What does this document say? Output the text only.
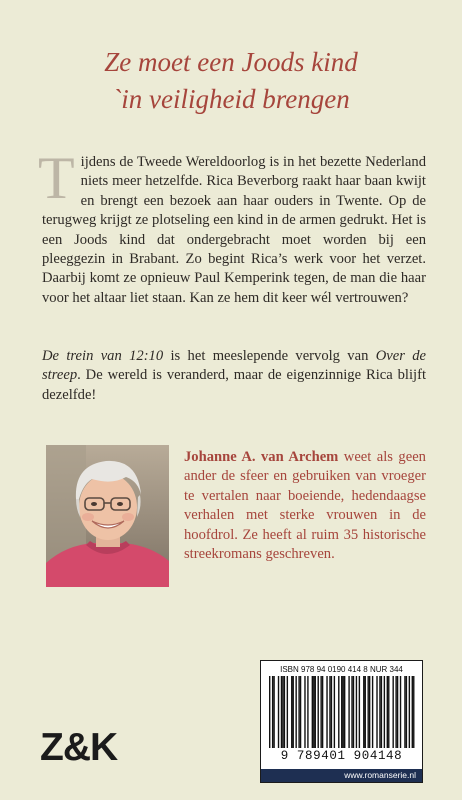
Ze moet een Joods kind
`in veiligheid brengen
Tijdens de Tweede Wereldoorlog is in het bezette Nederland niets meer hetzelfde. Rica Beverborg raakt haar baan kwijt en brengt een bezoek aan haar ouders in Twente. Op de terugweg krijgt ze plotseling een kind in de armen gedrukt. Het is een Joods kind dat ondergebracht moet worden bij een pleeggezin in Brabant. Zo begint Rica’s werk voor het verzet. Daarbij komt ze opnieuw Paul Kemperink tegen, de man die haar voor het altaar liet staan. Kan ze hem dit keer wél vertrouwen?
De trein van 12:10 is het meeslepende vervolg van Over de streep. De wereld is veranderd, maar de eigenzinnige Rica blijft dezelfde!
Johanne A. van Archem weet als geen ander de sfeer en gebruiken van vroeger te vertalen naar boeiende, hedendaagse verhalen met sterke vrouwen in de hoofdrol. Ze heeft al ruim 35 historische streekromans geschreven.
Z&K
ISBN 978 94 0190 414 8 NUR 344
9 789401 904148
www.romanserie.nl
